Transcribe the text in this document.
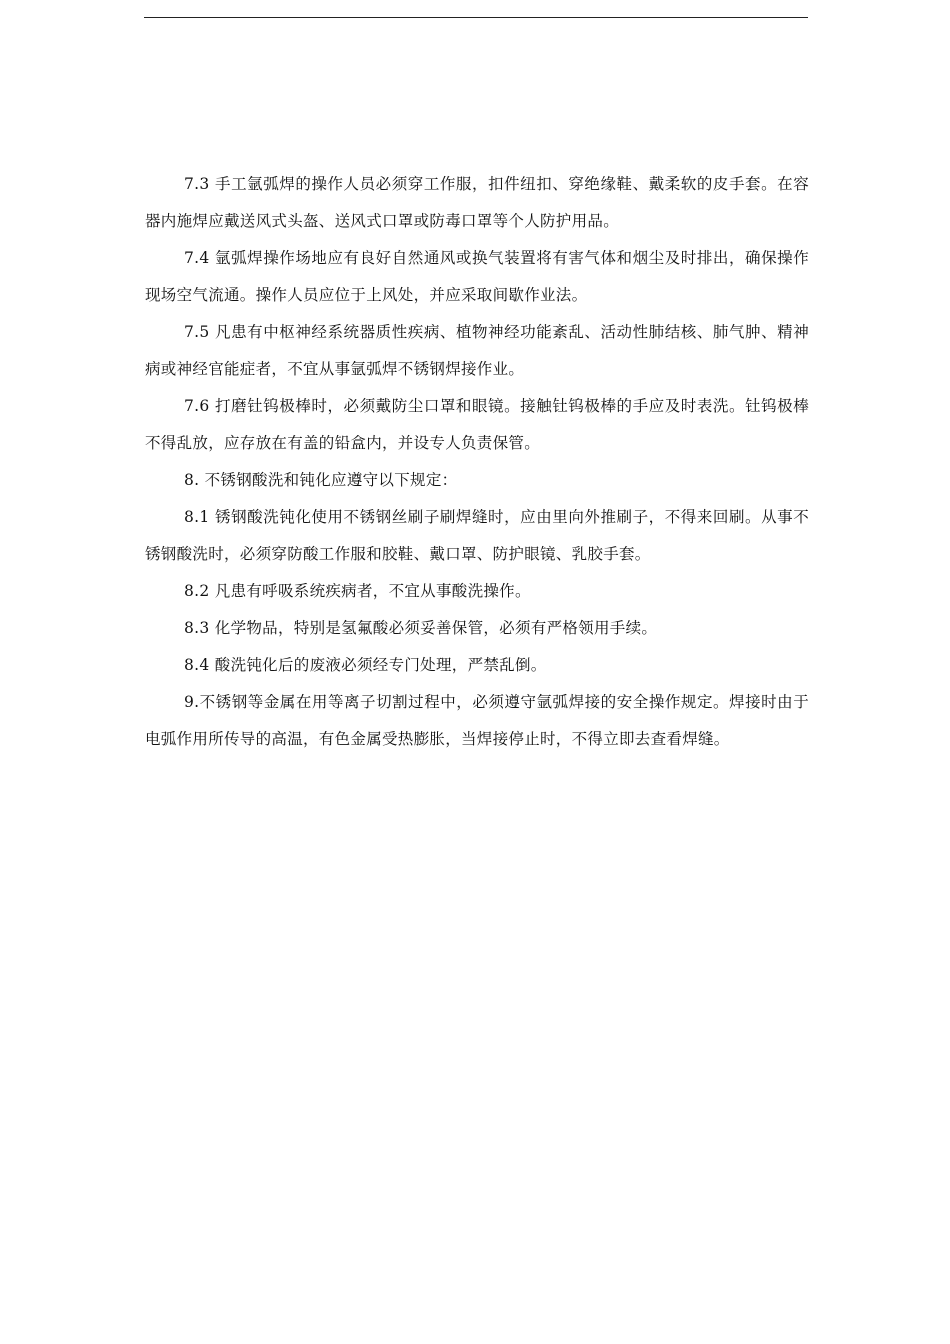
7.3 手工氩弧焊的操作人员必须穿工作服，扣件纽扣、穿绝缘鞋、戴柔软的皮手套。在容器内施焊应戴送风式头盔、送风式口罩或防毒口罩等个人防护用品。

7.4 氩弧焊操作场地应有良好自然通风或换气装置将有害气体和烟尘及时排出，确保操作现场空气流通。操作人员应位于上风处，并应采取间歇作业法。

7.5 凡患有中枢神经系统器质性疾病、植物神经功能紊乱、活动性肺结核、肺气肿、精神病或神经官能症者，不宜从事氩弧焊不锈钢焊接作业。

7.6 打磨钍钨极棒时，必须戴防尘口罩和眼镜。接触钍钨极棒的手应及时表洗。钍钨极棒不得乱放，应存放在有盖的铅盒内，并设专人负责保管。

8. 不锈钢酸洗和钝化应遵守以下规定：

8.1 锈钢酸洗钝化使用不锈钢丝刷子刷焊缝时，应由里向外推刷子，不得来回刷。从事不锈钢酸洗时，必须穿防酸工作服和胶鞋、戴口罩、防护眼镜、乳胶手套。

8.2 凡患有呼吸系统疾病者，不宜从事酸洗操作。

8.3 化学物品，特别是氢氟酸必须妥善保管，必须有严格领用手续。

8.4 酸洗钝化后的废液必须经专门处理，严禁乱倒。

9.不锈钢等金属在用等离子切割过程中，必须遵守氩弧焊接的安全操作规定。焊接时由于电弧作用所传导的高温，有色金属受热膨胀，当焊接停止时，不得立即去查看焊缝。
